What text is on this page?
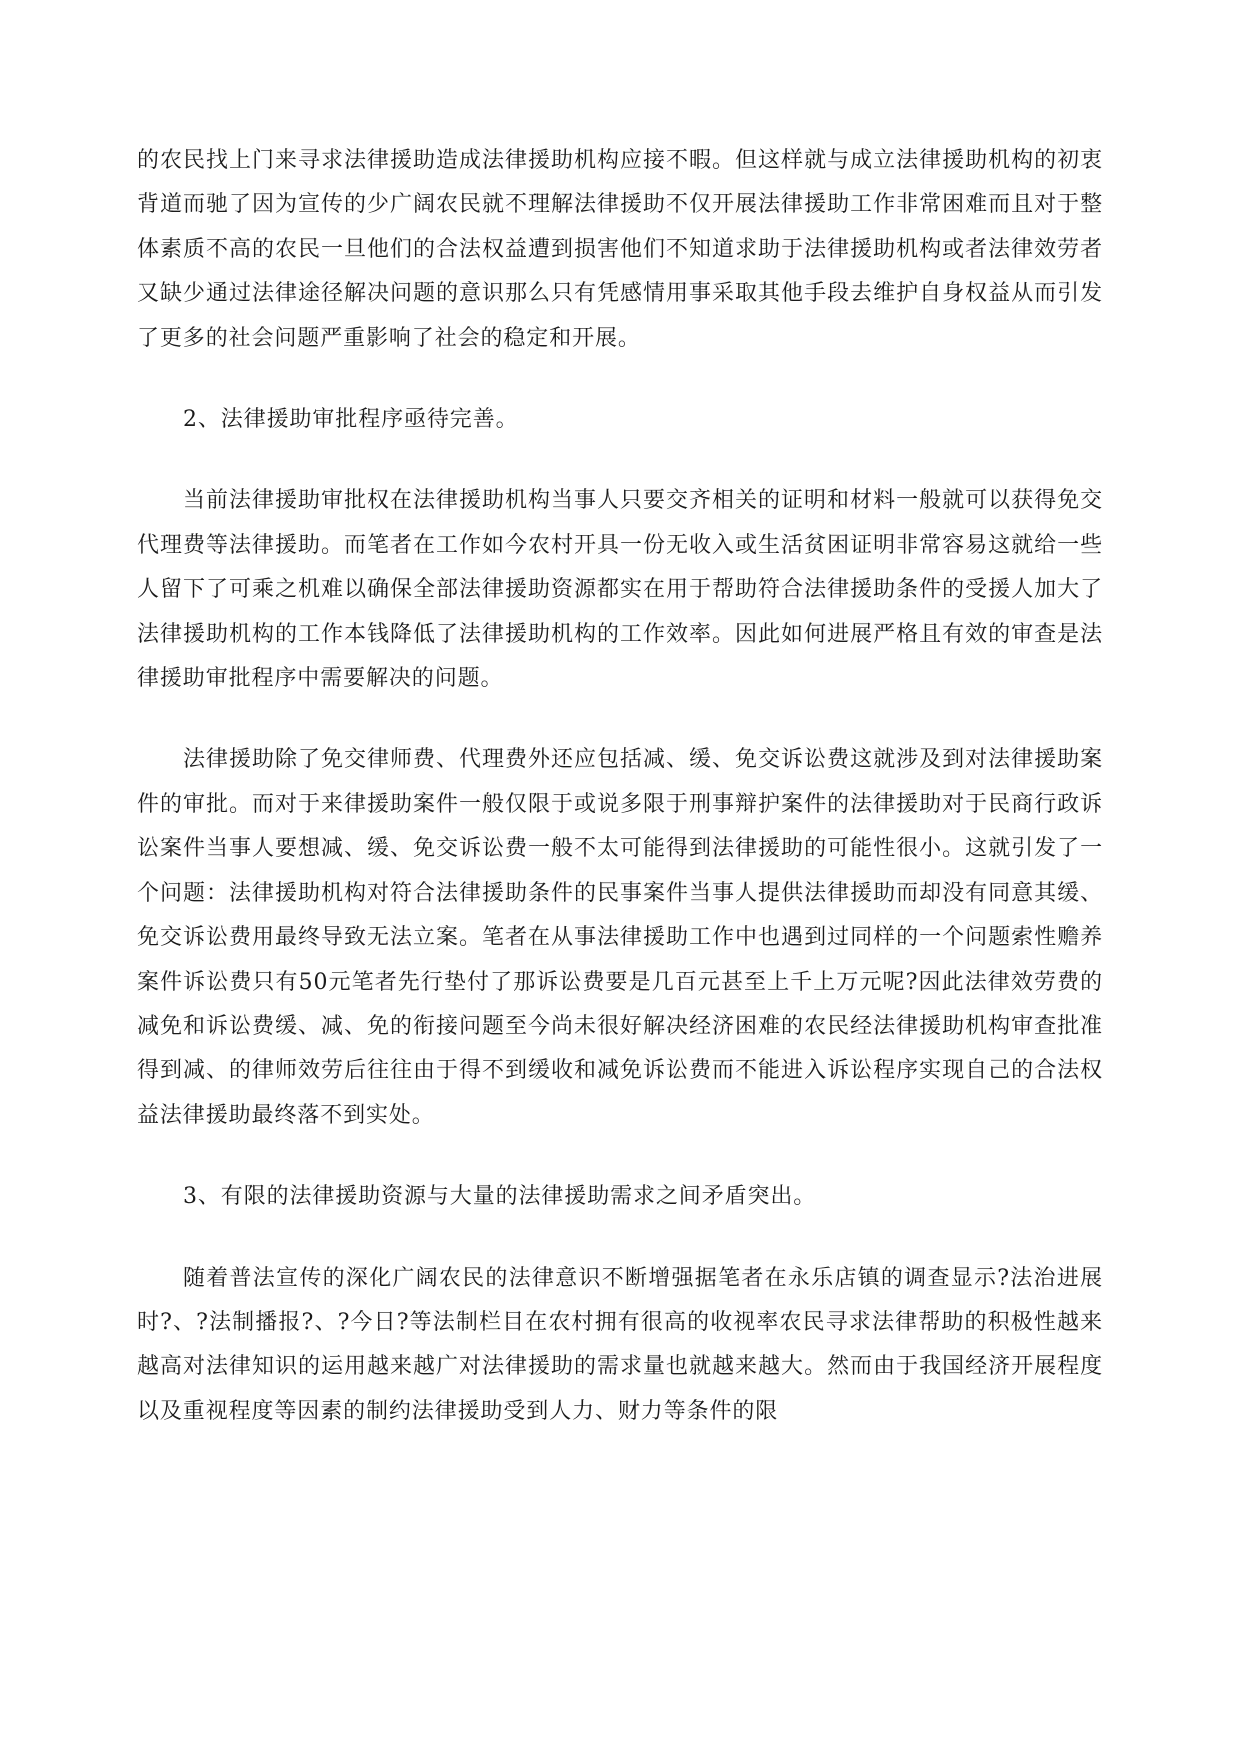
的农民找上门来寻求法律援助造成法律援助机构应接不暇。但这样就与成立法律援助机构的初衷背道而驰了因为宣传的少广阔农民就不理解法律援助不仅开展法律援助工作非常困难而且对于整体素质不高的农民一旦他们的合法权益遭到损害他们不知道求助于法律援助机构或者法律效劳者又缺少通过法律途径解决问题的意识那么只有凭感情用事采取其他手段去维护自身权益从而引发了更多的社会问题严重影响了社会的稳定和开展。

2、法律援助审批程序亟待完善。

当前法律援助审批权在法律援助机构当事人只要交齐相关的证明和材料一般就可以获得免交代理费等法律援助。而笔者在工作如今农村开具一份无收入或生活贫困证明非常容易这就给一些人留下了可乘之机难以确保全部法律援助资源都实在用于帮助符合法律援助条件的受援人加大了法律援助机构的工作本钱降低了法律援助机构的工作效率。因此如何进展严格且有效的审查是法律援助审批程序中需要解决的问题。

法律援助除了免交律师费、代理费外还应包括减、缓、免交诉讼费这就涉及到对法律援助案件的审批。而对于来律援助案件一般仅限于或说多限于刑事辩护案件的法律援助对于民商行政诉讼案件当事人要想减、缓、免交诉讼费一般不太可能得到法律援助的可能性很小。这就引发了一个问题：法律援助机构对符合法律援助条件的民事案件当事人提供法律援助而却没有同意其缓、免交诉讼费用最终导致无法立案。笔者在从事法律援助工作中也遇到过同样的一个问题索性赡养案件诉讼费只有50元笔者先行垫付了那诉讼费要是几百元甚至上千上万元呢?因此法律效劳费的减免和诉讼费缓、减、免的衔接问题至今尚未很好解决经济困难的农民经法律援助机构审查批准得到减、的律师效劳后往往由于得不到缓收和减免诉讼费而不能进入诉讼程序实现自己的合法权益法律援助最终落不到实处。

3、有限的法律援助资源与大量的法律援助需求之间矛盾突出。

随着普法宣传的深化广阔农民的法律意识不断增强据笔者在永乐店镇的调查显示?法治进展时?、?法制播报?、?今日?等法制栏目在农村拥有很高的收视率农民寻求法律帮助的积极性越来越高对法律知识的运用越来越广对法律援助的需求量也就越来越大。然而由于我国经济开展程度以及重视程度等因素的制约法律援助受到人力、财力等条件的限
